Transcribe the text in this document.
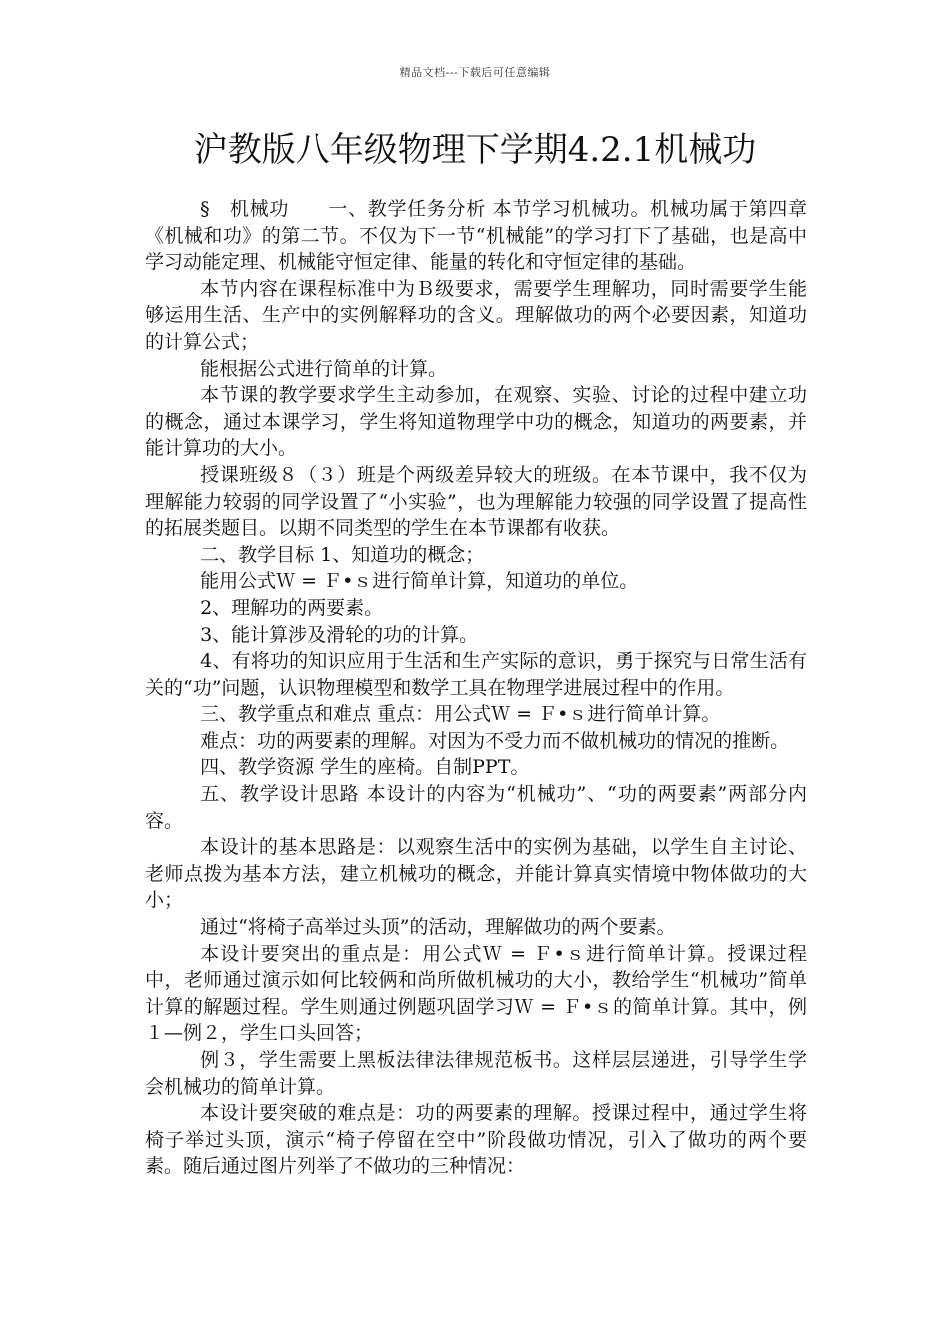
精品文档---下载后可任意编辑
沪教版八年级物理下学期4.2.1机械功

§　机械功　　一、教学任务分析 本节学习机械功。机械功属于第四章《机械和功》的第二节。不仅为下一节“机械能”的学习打下了基础，也是高中学习动能定理、机械能守恒定律、能量的转化和守恒定律的基础。

本节内容在课程标准中为Ｂ级要求，需要学生理解功，同时需要学生能够运用生活、生产中的实例解释功的含义。理解做功的两个必要因素，知道功的计算公式；

能根据公式进行简单的计算。

本节课的教学要求学生主动参加，在观察、实验、讨论的过程中建立功的概念，通过本课学习，学生将知道物理学中功的概念，知道功的两要素，并能计算功的大小。

授课班级８（３）班是个两级差异较大的班级。在本节课中，我不仅为理解能力较弱的同学设置了“小实验”，也为理解能力较强的同学设置了提高性的拓展类题目。以期不同类型的学生在本节课都有收获。

二、教学目标 1、知道功的概念；

能用公式Ｗ = Ｆ•ｓ进行简单计算，知道功的单位。

2、理解功的两要素。

3、能计算涉及滑轮的功的计算。

4、有将功的知识应用于生活和生产实际的意识，勇于探究与日常生活有关的“功”问题，认识物理模型和数学工具在物理学进展过程中的作用。

三、教学重点和难点 重点：用公式Ｗ = Ｆ•ｓ进行简单计算。

难点：功的两要素的理解。对因为不受力而不做机械功的情况的推断。

四、教学资源 学生的座椅。自制PPT。

五、教学设计思路 本设计的内容为“机械功”、“功的两要素”两部分内容。

本设计的基本思路是：以观察生活中的实例为基础，以学生自主讨论、老师点拨为基本方法，建立机械功的概念，并能计算真实情境中物体做功的大小；

通过“将椅子高举过头顶”的活动，理解做功的两个要素。

本设计要突出的重点是：用公式Ｗ = Ｆ•ｓ进行简单计算。授课过程中，老师通过演示如何比较俩和尚所做机械功的大小，教给学生“机械功”简单计算的解题过程。学生则通过例题巩固学习Ｗ = Ｆ•ｓ的简单计算。其中，例１—例２，学生口头回答；

例３，学生需要上黑板法律法律规范板书。这样层层递进，引导学生学会机械功的简单计算。

本设计要突破的难点是：功的两要素的理解。授课过程中，通过学生将椅子举过头顶，演示“椅子停留在空中”阶段做功情况，引入了做功的两个要素。随后通过图片列举了不做功的三种情况：
